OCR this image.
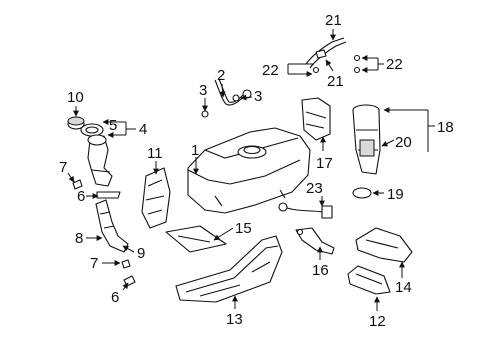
1
2
3	3
4
5
6
6
7
7
8
9
10
11
12
13
14
15
16
17
18
19
20
21
21
22	22
23
